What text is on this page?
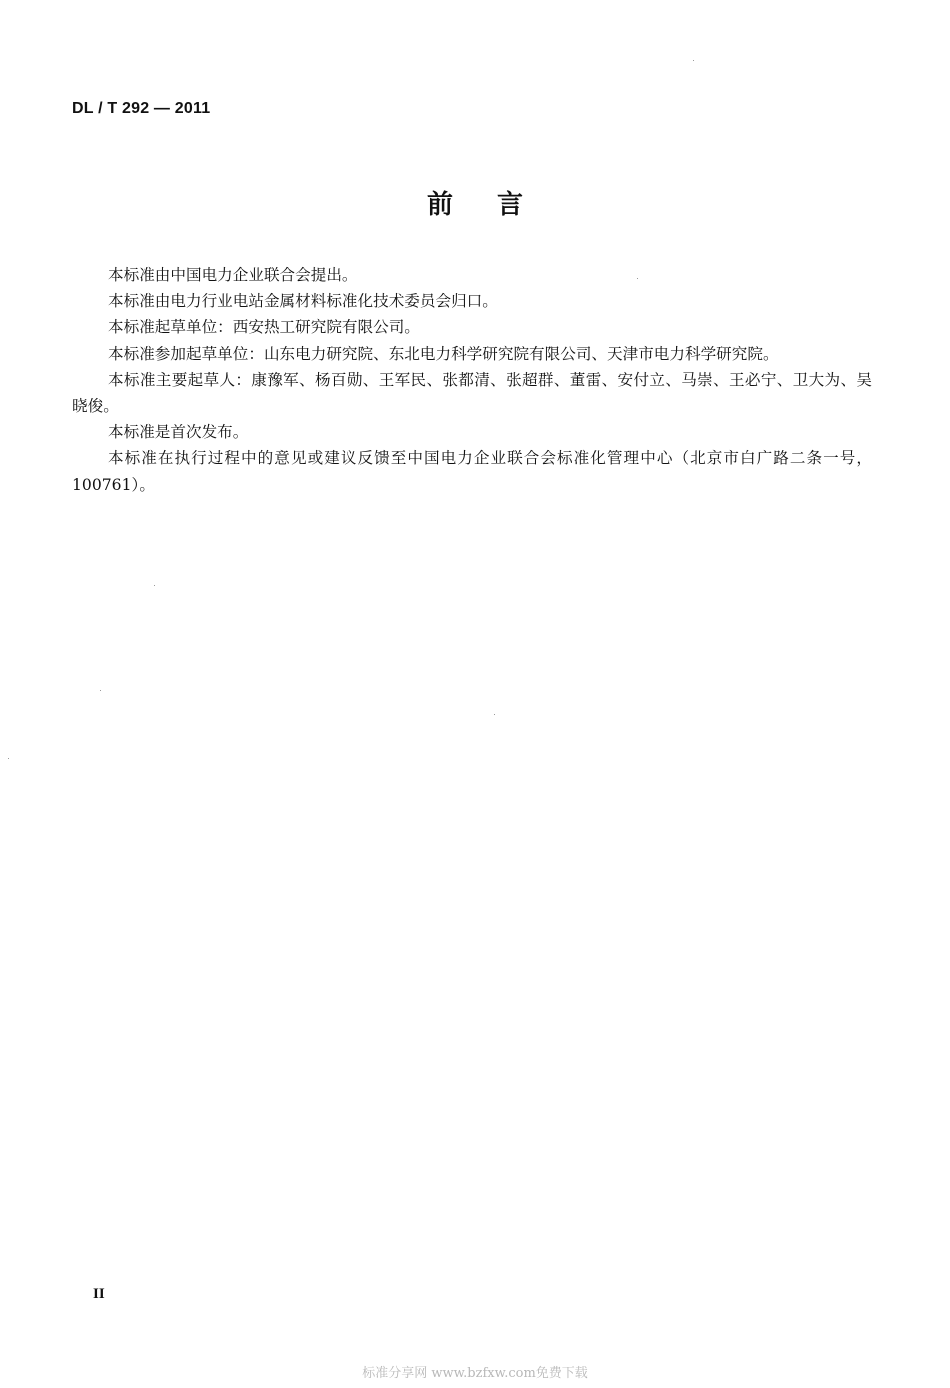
DL / T 292 — 2011
前言

本标准由中国电力企业联合会提出。

本标准由电力行业电站金属材料标准化技术委员会归口。

本标准起草单位：西安热工研究院有限公司。

本标准参加起草单位：山东电力研究院、东北电力科学研究院有限公司、天津市电力科学研究院。

本标准主要起草人：康豫军、杨百勋、王军民、张都清、张超群、董雷、安付立、马崇、王必宁、卫大为、吴晓俊。

本标准是首次发布。

本标准在执行过程中的意见或建议反馈至中国电力企业联合会标准化管理中心（北京市白广路二条一号，100761）。

II
标准分享网 www.bzfxw.com免费下载
